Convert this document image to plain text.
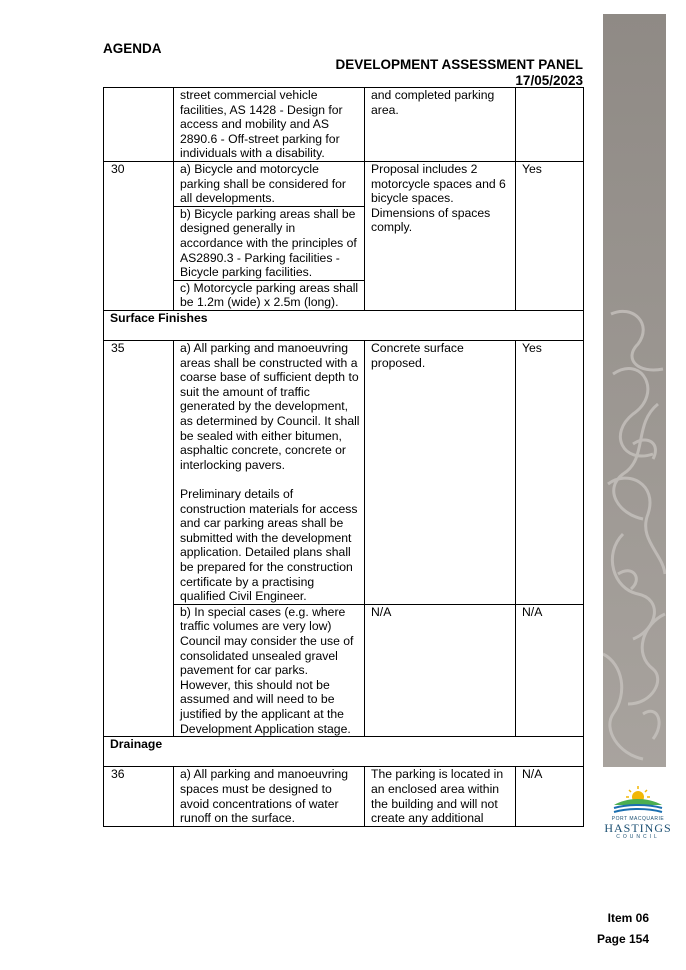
PORT MACQUARIE
HASTINGS
COUNCIL
AGENDA
DEVELOPMENT ASSESSMENT PANEL
17/05/2023
	street commercial vehicle facilities, AS 1428 - Design for access and mobility and AS 2890.6 - Off-street parking for individuals with a disability.	and completed parking area.	
30	a) Bicycle and motorcycle parking shall be considered for all developments.
b) Bicycle parking areas shall be designed generally in accordance with the principles of AS2890.3 - Parking facilities - Bicycle parking facilities.
c) Motorcycle parking areas shall be 1.2m (wide) x 2.5m (long).	Proposal includes 2 motorcycle spaces and 6 bicycle spaces. Dimensions of spaces comply.	Yes
Surface Finishes			

35	a) All parking and manoeuvring areas shall be constructed with a coarse base of sufficient depth to suit the amount of traffic generated by the development, as determined by Council. It shall be sealed with either bitumen, asphaltic concrete, concrete or interlocking pavers.
Preliminary details of construction materials for access and car parking areas shall be submitted with the development application. Detailed plans shall be prepared for the construction certificate by a practising qualified Civil Engineer.	Concrete surface proposed.	Yes
	b) In special cases (e.g. where traffic volumes are very low) Council may consider the use of consolidated unsealed gravel pavement for car parks. However, this should not be assumed and will need to be justified by the applicant at the Development Application stage.	N/A	N/A
Drainage			

36	a) All parking and manoeuvring spaces must be designed to avoid concentrations of water runoff on the surface.	The parking is located in an enclosed area within the building and will not create any additional	N/A
Item 06
Page 154
